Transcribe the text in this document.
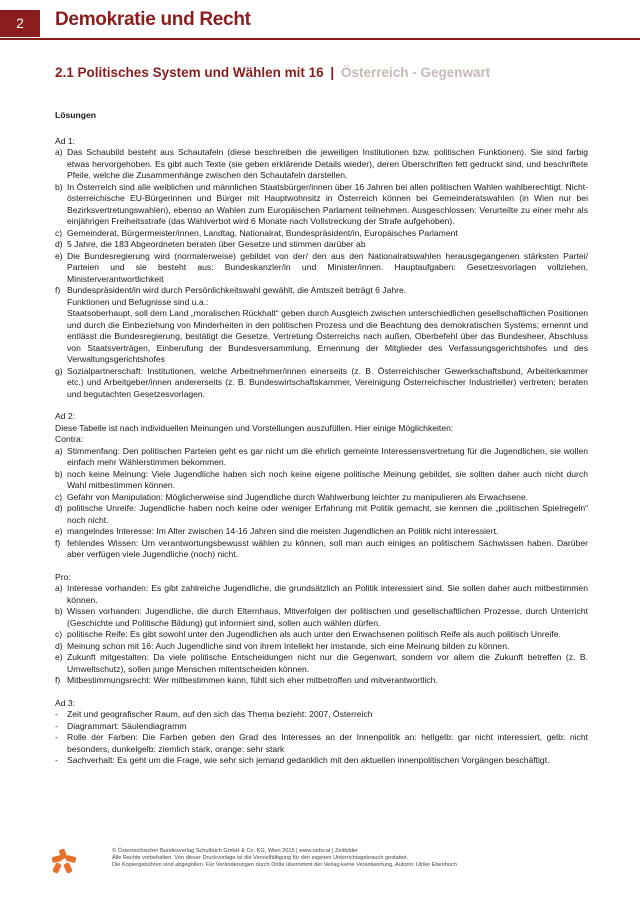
2	Demokratie und Recht
2.1 Politisches System und Wählen mit 16 | Österreich - Gegenwart

Lösungen

Ad 1:

a) Das Schaubild besteht aus Schautafeln (diese beschreiben die jeweiligen Institutionen bzw. politischen Funktionen). Sie sind farbig etwas hervorgehoben. Es gibt auch Texte (sie geben erklärende Details wieder), deren Überschriften fett gedruckt sind, und beschriftete Pfeile, welche die Zusammenhänge zwischen den Schautafeln darstellen.
b) In Österreich sind alle weiblichen und männlichen Staatsbürger/innen über 16 Jahren bei allen politischen Wahlen wahlberechtigt. Nicht-österreichische EU-Bürgerinnen und Bürger mit Hauptwohnsitz in Österreich können bei Gemeinderatswahlen (in Wien nur bei Bezirksvertretungswahlen), ebenso an Wahlen zum Europäischen Parlament teilnehmen. Ausgeschlossen: Verurteilte zu einer mehr als einjährigen Freiheitsstrafe (das Wahlverbot wird 6 Monate nach Vollstreckung der Strafe aufgehoben).
c) Gemeinderat, Bürgermeister/innen, Landtag, Nationalrat, Bundespräsident/in, Europäisches Parlament
d) 5 Jahre, die 183 Abgeordneten beraten über Gesetze und stimmen darüber ab
e) Die Bundesregierung wird (normalerweise) gebildet von der/ den aus den Nationalratswahlen herausgegangenen stärksten Partei/ Parteien und sie besteht aus: Bundeskanzler/in und Minister/innen. Hauptaufgaben: Gesetzesvorlagen vollziehen, Ministerverantwortlichkeit
f) Bundespräsident/in wird durch Persönlichkeitswahl gewählt, die Amtszeit beträgt 6 Jahre.
Funktionen und Befugnisse sind u.a.:
Staatsoberhaupt, soll dem Land „moralischen Rückhalt“ geben durch Ausgleich zwischen unterschiedlichen gesellschaftlichen Positionen und durch die Einbeziehung von Minderheiten in den politischen Prozess und die Beachtung des demokratischen Systems; ernennt und entlässt die Bundesregierung, bestätigt die Gesetze, Vertretung Österreichs nach außen, Oberbefehl über das Bundesheer, Abschluss von Staatsverträgen, Einberufung der Bundesversammlung, Ernennung der Mitglieder des Verfassungsgerichtshofes und des Verwaltungsgerichtshofes
g) Sozialpartnerschaft: Institutionen, welche Arbeitnehmer/innen einerseits (z. B. Österreichischer Gewerkschaftsbund, Arbeiterkammer etc.) und Arbeitgeber/innen andererseits (z. B. Bundeswirtschaftskammer, Vereinigung Österreichischer Industrieller) vertreten; beraten und begutachten Gesetzesvorlagen.

Ad 2:

Diese Tabelle ist nach individuellen Meinungen und Vorstellungen auszufüllen. Hier einige Möglichkeiten:

Contra:

a) Stimmenfang: Den politischen Parteien geht es gar nicht um die ehrlich gemeinte Interessensvertretung für die Jugendlichen, sie wollen einfach mehr Wählerstimmen bekommen.
b) noch keine Meinung: Viele Jugendliche haben sich noch keine eigene politische Meinung gebildet, sie sollten daher auch nicht durch Wahl mitbestimmen können.
c) Gefahr von Manipulation: Möglicherweise sind Jugendliche durch Wahlwerbung leichter zu manipulieren als Erwachsene.
d) politische Unreife: Jugendliche haben noch keine oder weniger Erfahrung mit Politik gemacht, sie kennen die „politischen Spielregeln“ noch nicht.
e) mangelndes Interesse: Im Alter zwischen 14-16 Jahren sind die meisten Jugendlichen an Politik nicht interessiert.
f) fehlendes Wissen: Um verantwortungsbewusst wählen zu können, soll man auch einiges an politischem Sachwissen haben. Darüber aber verfügen viele Jugendliche (noch) nicht.

Pro:

a) Interesse vorhanden: Es gibt zahlreiche Jugendliche, die grundsätzlich an Politik interessiert sind. Sie sollen daher auch mitbestimmen können.
b) Wissen vorhanden: Jugendliche, die durch Elternhaus, Mitverfolgen der politischen und gesellschaftlichen Prozesse, durch Unterricht (Geschichte und Politische Bildung) gut informiert sind, sollen auch wählen dürfen.
c) politische Reife: Es gibt sowohl unter den Jugendlichen als auch unter den Erwachsenen politisch Reife als auch politisch Unreife.
d) Meinung schon mit 16: Auch Jugendliche sind von ihrem Intellekt her imstande, sich eine Meinung bilden zu können.
e) Zukunft mitgestalten: Da viele politische Entscheidungen nicht nur die Gegenwart, sondern vor allem die Zukunft betreffen (z. B. Umweltschutz), sollen junge Menschen mitentscheiden können.
f) Mitbestimmungsrecht: Wer mitbestimmen kann, fühlt sich eher mitbetroffen und mitverantwortlich.

Ad 3:

- Zeit und geografischer Raum, auf den sich das Thema bezieht: 2007, Österreich
- Diagrammart: Säulendiagramm
- Rolle der Farben: Die Farben geben den Grad des Interesses an der Innenpolitik an: hellgelb: gar nicht interessiert, gelb: nicht besonders, dunkelgelb: ziemlich stark, orange: sehr stark
- Sachverhalt: Es geht um die Frage, wie sehr sich jemand gedanklich mit den aktuellen innenpolitischen Vorgängen beschäftigt.
© Österreichischer Bundesverlag Schulbuch GmbH & Co. KG, Wien 2015 | www.oebv.at | Zeitbilder
Alle Rechte vorbehalten. Von dieser Druckvorlage ist die Vervielfältigung für den eigenen Unterrichtsgebrauch gestattet.
Die Kopiergebühren sind abgegolten. Für Veränderungen durch Dritte übernimmt der Verlag keine Verantwortung. Autorin: Ulrike Ebenhoch
